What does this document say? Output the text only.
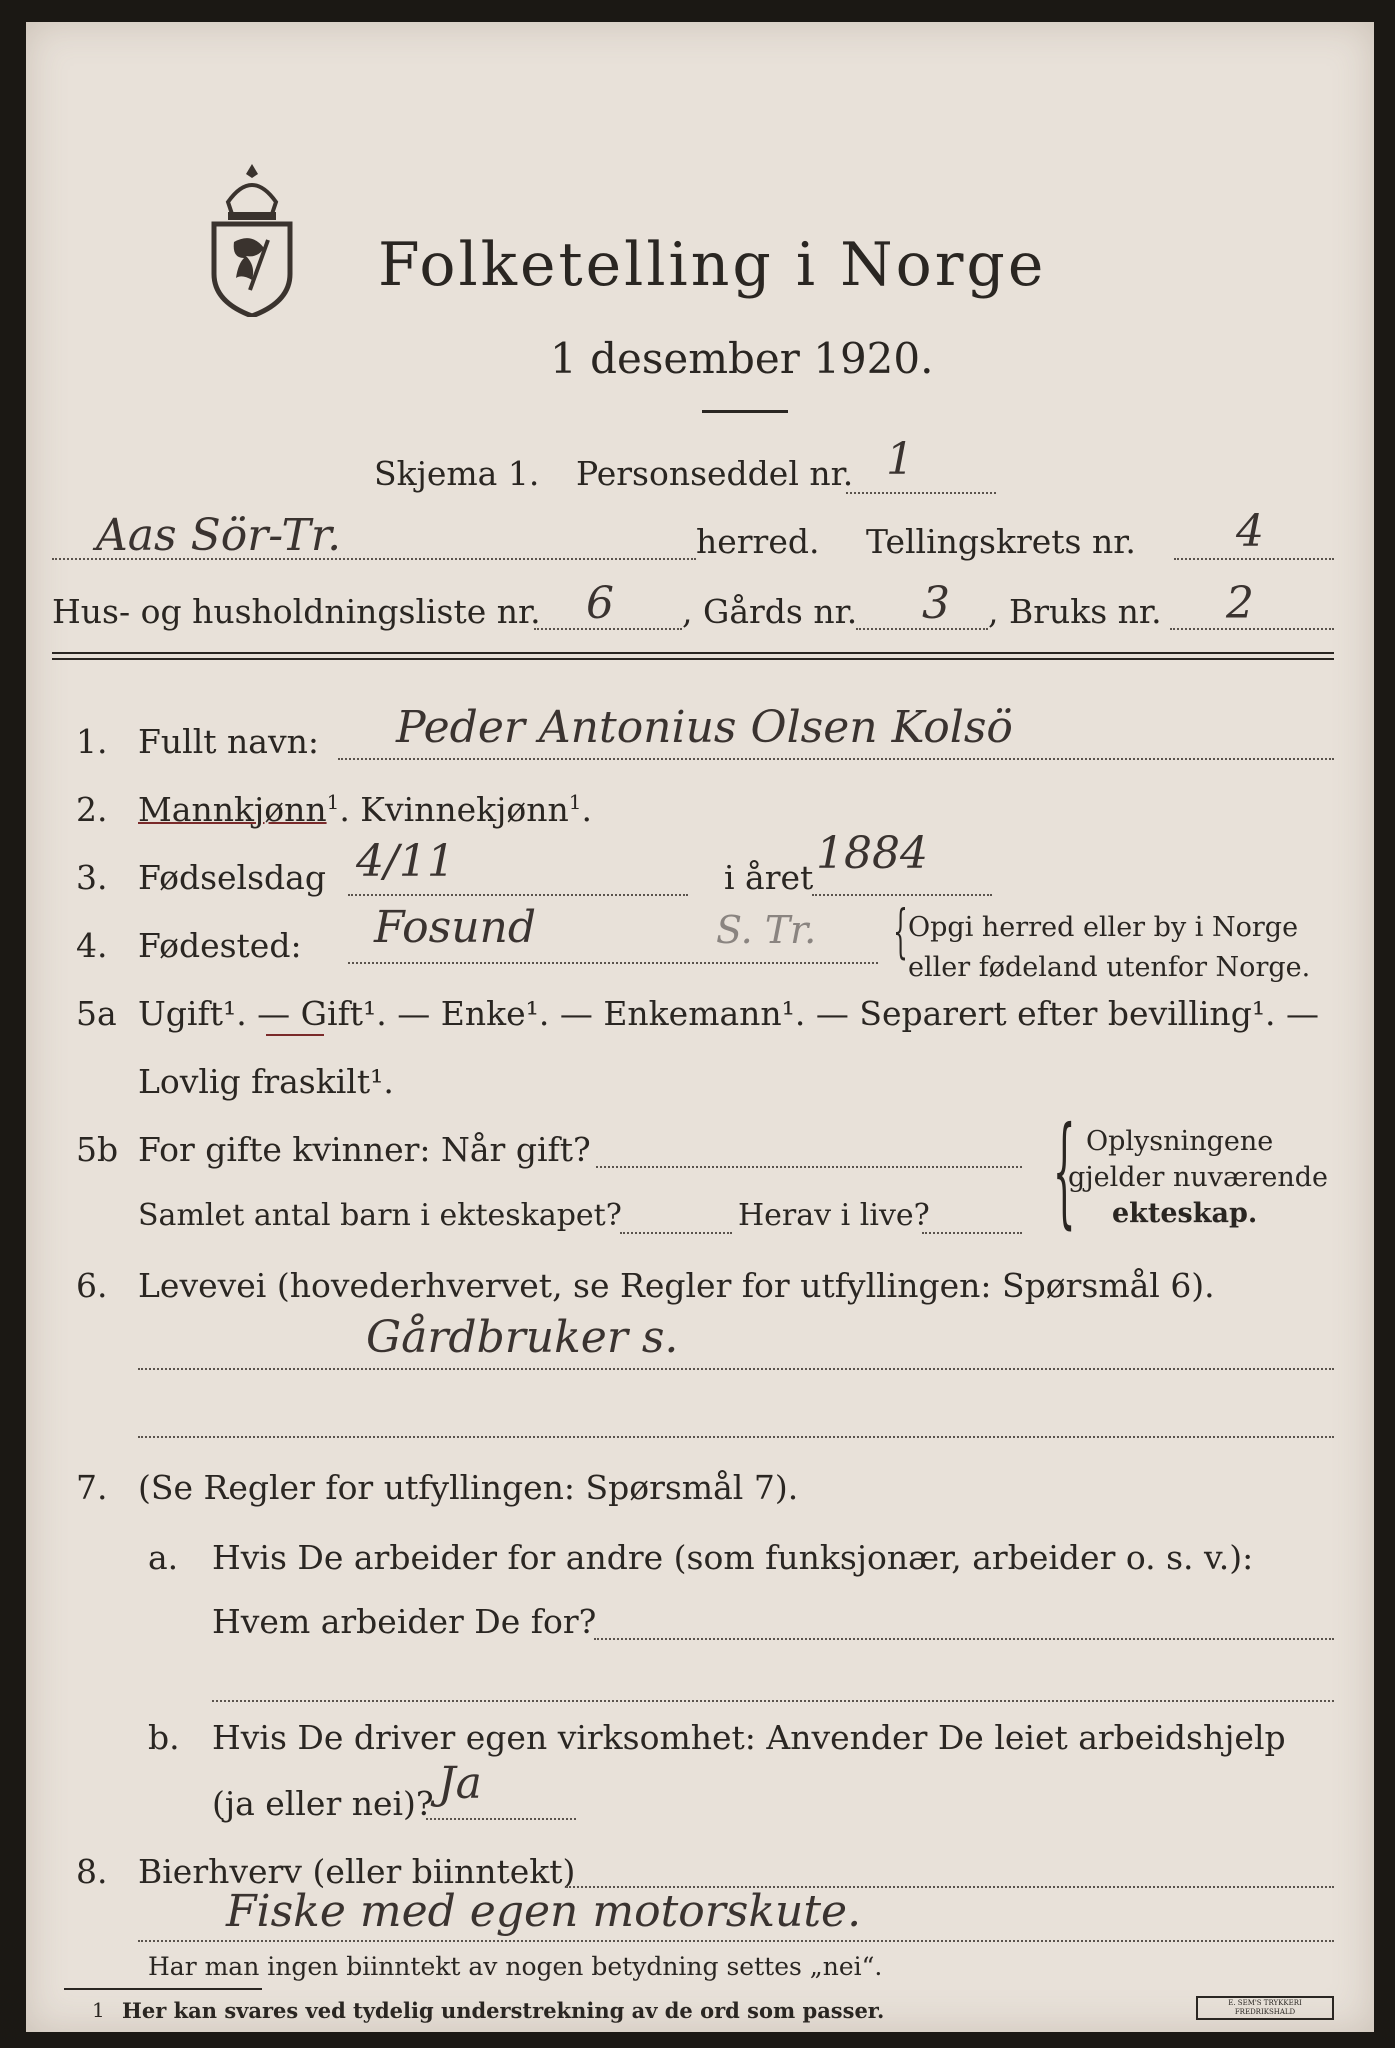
Folketelling i Norge
1 desember 1920.
Skjema 1. Personseddel nr. 1
Aas Sör-Tr.	herred. Tellingskrets nr. 4
Hus- og husholdningsliste nr. 6 , Gårds nr. 3 , Bruks nr. 2
1. Fullt navn: Peder Antonius Olsen Kolsö
2. Mannkjønn$^1$. Kvinnekjønn$^1$.
3. Fødselsdag 4/11	i året 1884
4. Fødested: Fosund	S. Tr. { Opgi herred eller by i Norge
eller fødeland utenfor Norge.
5a Ugift¹. — Gift¹. — Enke¹. — Enkemann¹. — Separert efter bevilling¹. —
Lovlig fraskilt¹.
5b For gifte kvinner: Når gift?
Samlet antal barn i ekteskapet?	Herav i live? { Oplysningene
gjelder nuværende
ekteskap.
6. Levevei (hovederhvervet, se Regler for utfyllingen: Spørsmål 6).
Gårdbruker s.
7. (Se Regler for utfyllingen: Spørsmål 7).
a. Hvis De arbeider for andre (som funksjonær, arbeider o. s. v.):
Hvem arbeider De for?
b. Hvis De driver egen virksomhet: Anvender De leiet arbeidshjelp
(ja eller nei)? Ja
8. Bierhverv (eller biinntekt)
Fiske med egen motorskute.
Har man ingen biinntekt av nogen betydning settes „nei“.
1 Her kan svares ved tydelig understrekning av de ord som passer.	E. SEM'S TRYKKERI FREDRIKSHALD
